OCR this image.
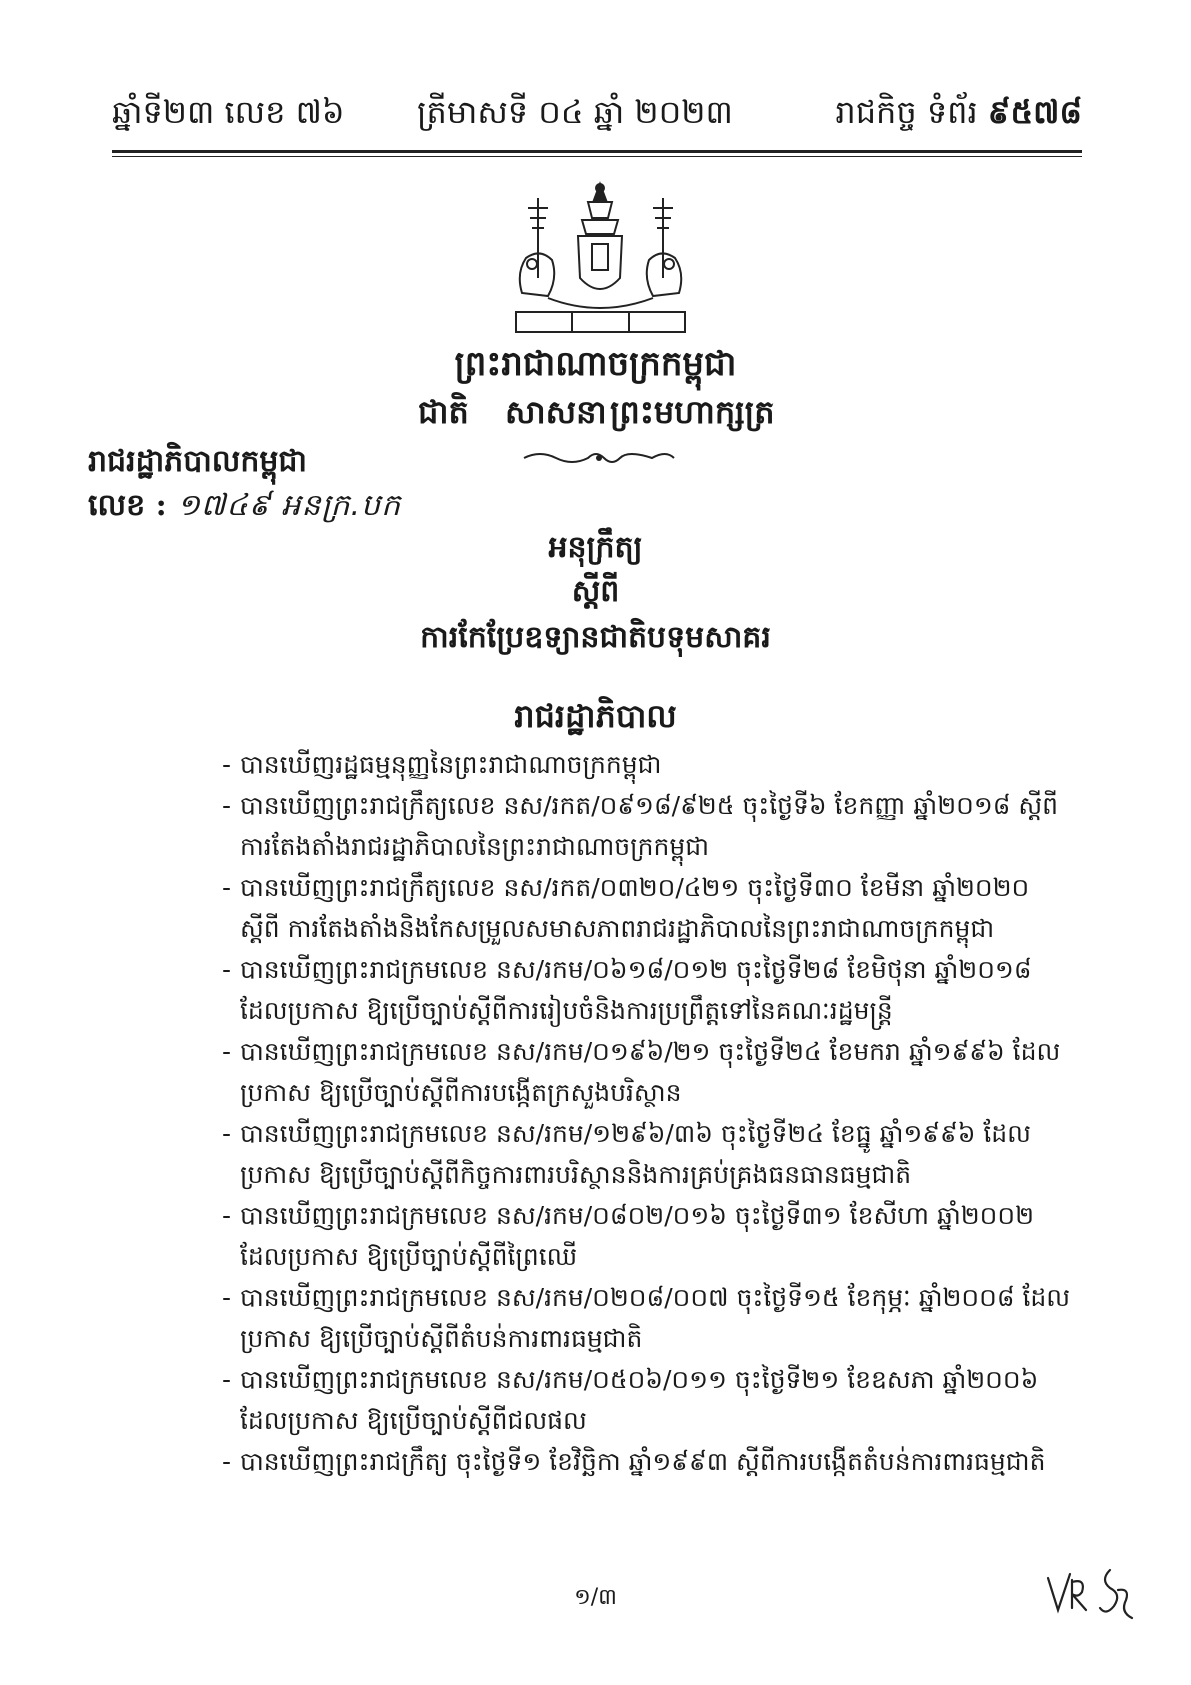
ឆ្នាំទី២៣ លេខ ៧៦ ត្រីមាសទី ០៤ ឆ្នាំ ២០២៣	រាជកិច្ច ទំព័រ ៩៥៧៨
ព្រះរាជាណាចក្រកម្ពុជា
ជាតិ សាសនា ព្រះមហាក្សត្រ
រាជរដ្ឋាភិបាលកម្ពុជា
លេខ : ១៧៤៩ អនក្រ.បក
អនុក្រឹត្យ
ស្ដីពី
ការកែប្រែឧទ្យានជាតិបទុមសាគរ
រាជរដ្ឋាភិបាល
- បានឃើញរដ្ឋធម្មនុញ្ញនៃព្រះរាជាណាចក្រកម្ពុជា
- បានឃើញព្រះរាជក្រឹត្យលេខ នស/រកត/០៩១៨/៩២៥ ចុះថ្ងៃទី៦ ខែកញ្ញា ឆ្នាំ២០១៨ ស្តីពី ការតែងតាំងរាជរដ្ឋាភិបាលនៃព្រះរាជាណាចក្រកម្ពុជា
- បានឃើញព្រះរាជក្រឹត្យលេខ នស/រកត/០៣២០/៤២១ ចុះថ្ងៃទី៣០ ខែមីនា ឆ្នាំ២០២០ ស្តីពី ការតែងតាំងនិងកែសម្រួលសមាសភាពរាជរដ្ឋាភិបាលនៃព្រះរាជាណាចក្រកម្ពុជា
- បានឃើញព្រះរាជក្រមលេខ នស/រកម/០៦១៨/០១២ ចុះថ្ងៃទី២៨ ខែមិថុនា ឆ្នាំ២០១៨ ដែលប្រកាស ឱ្យប្រើច្បាប់ស្តីពីការរៀបចំនិងការប្រព្រឹត្តទៅនៃគណៈរដ្ឋមន្ត្រី
- បានឃើញព្រះរាជក្រមលេខ នស/រកម/០១៩៦/២១ ចុះថ្ងៃទី២៤ ខែមករា ឆ្នាំ១៩៩៦ ដែលប្រកាស ឱ្យប្រើច្បាប់ស្តីពីការបង្កើតក្រសួងបរិស្ថាន
- បានឃើញព្រះរាជក្រមលេខ នស/រកម/១២៩៦/៣៦ ចុះថ្ងៃទី២៤ ខែធ្នូ ឆ្នាំ១៩៩៦ ដែលប្រកាស ឱ្យប្រើច្បាប់ស្តីពីកិច្ចការពារបរិស្ថាននិងការគ្រប់គ្រងធនធានធម្មជាតិ
- បានឃើញព្រះរាជក្រមលេខ នស/រកម/០៨០២/០១៦ ចុះថ្ងៃទី៣១ ខែសីហា ឆ្នាំ២០០២ ដែលប្រកាស ឱ្យប្រើច្បាប់ស្តីពីព្រៃឈើ
- បានឃើញព្រះរាជក្រមលេខ នស/រកម/០២០៨/០០៧ ចុះថ្ងៃទី១៥ ខែកុម្ភៈ ឆ្នាំ២០០៨ ដែលប្រកាស ឱ្យប្រើច្បាប់ស្តីពីតំបន់ការពារធម្មជាតិ
- បានឃើញព្រះរាជក្រមលេខ នស/រកម/០៥០៦/០១១ ចុះថ្ងៃទី២១ ខែឧសភា ឆ្នាំ២០០៦ ដែលប្រកាស ឱ្យប្រើច្បាប់ស្តីពីជលផល
- បានឃើញព្រះរាជក្រឹត្យ ចុះថ្ងៃទី១ ខែវិច្ឆិកា ឆ្នាំ១៩៩៣ ស្តីពីការបង្កើតតំបន់ការពារធម្មជាតិ
១/៣
